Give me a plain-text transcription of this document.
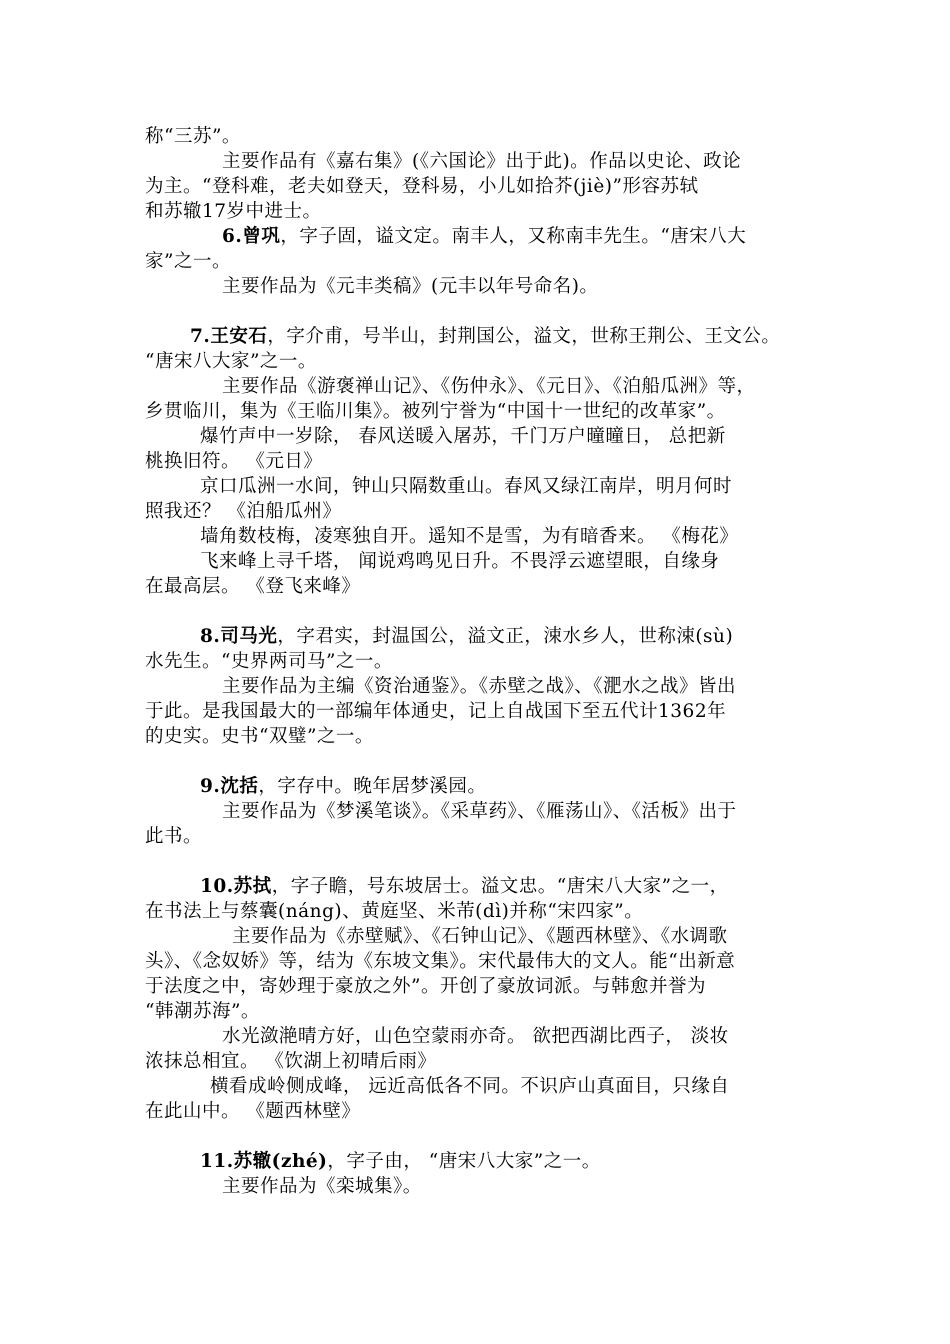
称“三苏”。
主要作品有《嘉右集》(《六国论》出于此)。作品以史论、政论
为主。“登科难，老夫如登天，登科易，小儿如拾芥(jiè)”形容苏轼
和苏辙17岁中进士。
6.曾巩，字子固，谥文定。南丰人，又称南丰先生。“唐宋八大
家”之一。
主要作品为《元丰类稿》(元丰以年号命名)。
7.王安石，字介甫，号半山，封荆国公，溢文，世称王荆公、王文公。
“唐宋八大家”之一。
主要作品《游褒禅山记》、《伤仲永》、《元日》、《泊船瓜洲》等，
乡贯临川，集为《王临川集》。被列宁誉为“中国十一世纪的改革家”。
爆竹声中一岁除， 春风送暖入屠苏，千门万户曈曈日， 总把新
桃换旧符。 《元日》
京口瓜洲一水间，钟山只隔数重山。春风又绿江南岸，明月何时
照我还？ 《泊船瓜州》
墙角数枝梅，凌寒独自开。遥知不是雪，为有暗香来。 《梅花》
飞来峰上寻千塔， 闻说鸡鸣见日升。不畏浮云遮望眼，自缘身
在最高层。 《登飞来峰》
8.司马光，字君实，封温国公，溢文正，涑水乡人，世称涑(sù)
水先生。“史界两司马”之一。
主要作品为主编《资治通鉴》。《赤壁之战》、《淝水之战》皆出
于此。是我国最大的一部编年体通史，记上自战国下至五代计1362年
的史实。史书“双璧”之一。
9.沈括，字存中。晚年居梦溪园。
主要作品为《梦溪笔谈》。《采草药》、《雁荡山》、《活板》出于
此书。
10.苏拭，字子瞻，号东坡居士。溢文忠。“唐宋八大家”之一，
在书法上与蔡囊(náng)、黄庭坚、米芾(dì)并称“宋四家”。
主要作品为《赤壁赋》、《石钟山记》、《题西林壁》、《水调歌
头》、《念奴娇》等，结为《东坡文集》。宋代最伟大的文人。能“出新意
于法度之中，寄妙理于豪放之外”。开创了豪放词派。与韩愈并誉为
“韩潮苏海”。
水光潋滟晴方好，山色空蒙雨亦奇。 欲把西湖比西子， 淡妆
浓抹总相宜。 《饮湖上初晴后雨》
横看成岭侧成峰， 远近高低各不同。不识庐山真面目，只缘自
在此山中。 《题西林壁》
11.苏辙(zhé)，字子由， “唐宋八大家”之一。
主要作品为《栾城集》。
